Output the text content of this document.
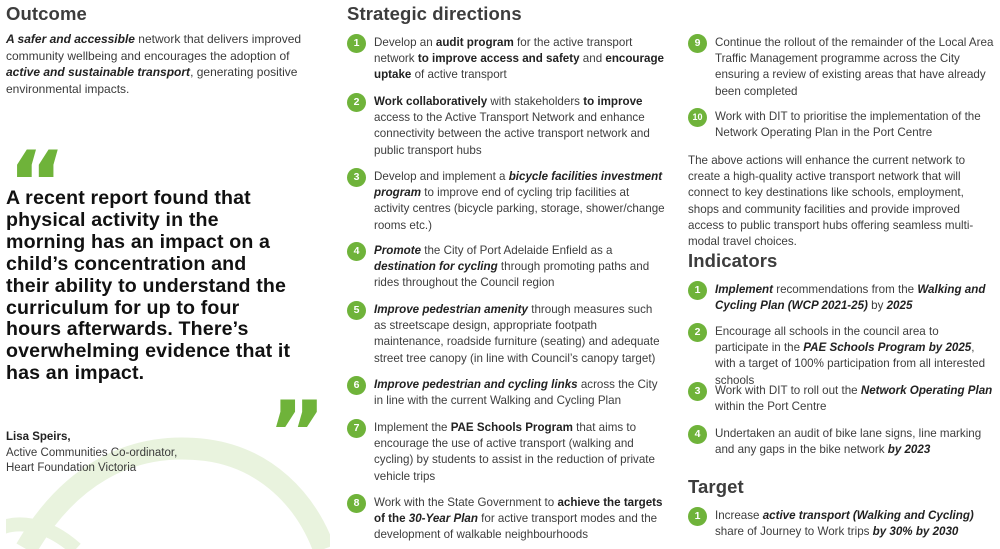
Outcome
A safer and accessible network that delivers improved community wellbeing and encourages the adoption of active and sustainable transport, generating positive environmental impacts.
“
A recent report found that physical activity in the morning has an impact on a child’s concentration and their ability to understand the curriculum for up to four hours afterwards. There’s overwhelming evidence that it has an impact.
”
Lisa Speirs,
Active Communities Co-ordinator,
Heart Foundation Victoria
Strategic directions
1	Develop an audit program for the active transport network to improve access and safety and encourage uptake of active transport
2	Work collaboratively with stakeholders to improve access to the Active Transport Network and enhance connectivity between the active transport network and public transport hubs
3	Develop and implement a bicycle facilities investment program to improve end of cycling trip facilities at activity centres (bicycle parking, storage, shower/change rooms etc.)
4	Promote the City of Port Adelaide Enfield as a destination for cycling through promoting paths and rides throughout the Council region
5	Improve pedestrian amenity through measures such as streetscape design, appropriate footpath maintenance, roadside furniture (seating) and adequate street tree canopy (in line with Council’s canopy target)
6	Improve pedestrian and cycling links across the City in line with the current Walking and Cycling Plan
7	Implement the PAE Schools Program that aims to encourage the use of active transport (walking and cycling) by students to assist in the reduction of private vehicle trips
8	Work with the State Government to achieve the targets of the 30-Year Plan for active transport modes and the development of walkable neighbourhoods
9	Continue the rollout of the remainder of the Local Area Traffic Management programme across the City ensuring a review of existing areas that have already been completed
10	Work with DIT to prioritise the implementation of the Network Operating Plan in the Port Centre
The above actions will enhance the current network to create a high-quality active transport network that will connect to key destinations like schools, employment, shops and community facilities and provide improved access to public transport hubs offering seamless multi-modal travel choices.
Indicators
1	Implement recommendations from the Walking and Cycling Plan (WCP 2021-25) by 2025
2	Encourage all schools in the council area to participate in the PAE Schools Program by 2025, with a target of 100% participation from all interested schools
3	Work with DIT to roll out the Network Operating Plan within the Port Centre
4	Undertaken an audit of bike lane signs, line marking and any gaps in the bike network by 2023
Target
1	Increase active transport (Walking and Cycling) share of Journey to Work trips by 30% by 2030
